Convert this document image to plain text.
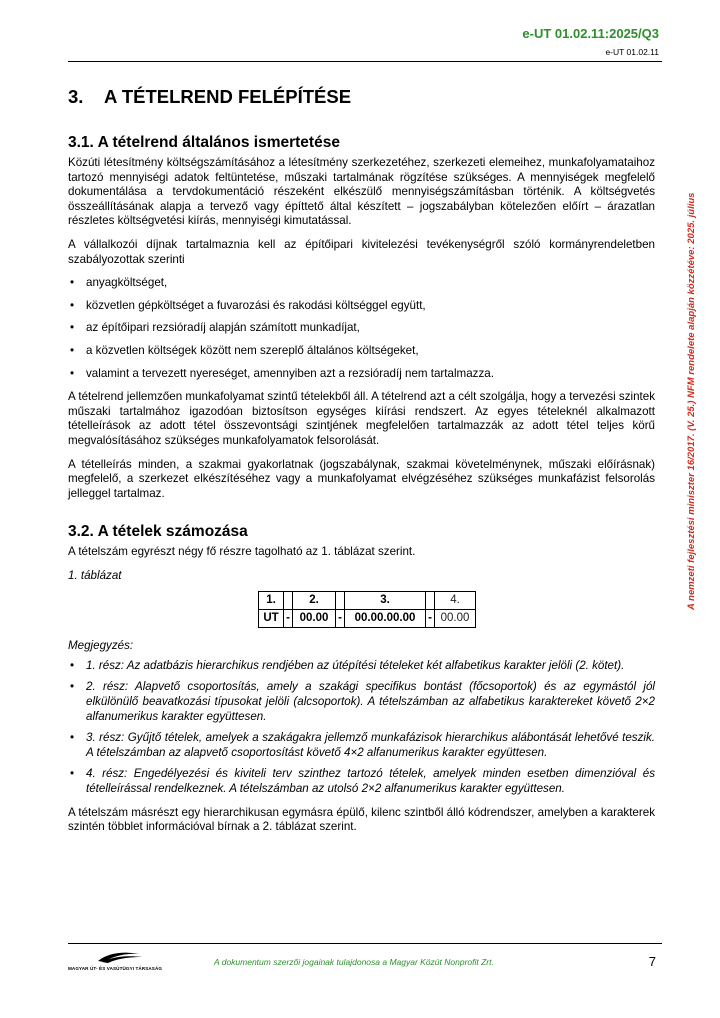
e-UT 01.02.11:2025/Q3
e-UT 01.02.11
A nemzeti fejlesztési miniszter 16/2017. (V. 25.) NFM rendelete alapján közzétéve: 2025. július
3.	A TÉTELREND FELÉPÍTÉSE
3.1. A tételrend általános ismertetése

Közúti létesítmény költségszámításához a létesítmény szerkezetéhez, szerkezeti elemeihez, munkafolyamataihoz tartozó mennyiségi adatok feltüntetése, műszaki tartalmának rögzítése szükséges. A mennyiségek megfelelő dokumentálása a tervdokumentáció részeként elkészülő mennyiségszámításban történik. A költségvetés összeállításának alapja a tervező vagy építtető által készített – jogszabályban kötelezően előírt – árazatlan részletes költségvetési kiírás, mennyiségi kimutatással.

A vállalkozói díjnak tartalmaznia kell az építőipari kivitelezési tevékenységről szóló kormányrendeletben szabályozottak szerinti

• anyagköltséget,
• közvetlen gépköltséget a fuvarozási és rakodási költséggel együtt,
• az építőipari rezsióradíj alapján számított munkadíjat,
• a közvetlen költségek között nem szereplő általános költségeket,
• valamint a tervezett nyereséget, amennyiben azt a rezsióradíj nem tartalmazza.

A tételrend jellemzően munkafolyamat szintű tételekből áll. A tételrend azt a célt szolgálja, hogy a tervezési szintek műszaki tartalmához igazodóan biztosítson egységes kiírási rendszert. Az egyes tételeknél alkalmazott tételleírások az adott tétel összevontsági szintjének megfelelően tartalmazzák az adott tétel teljes körű megvalósításához szükséges munkafolyamatok felsorolását.

A tételleírás minden, a szakmai gyakorlatnak (jogszabálynak, szakmai követelménynek, műszaki előírásnak) megfelelő, a szerkezet elkészítéséhez vagy a munkafolyamat elvégzéséhez szükséges munkafázist felsorolás jelleggel tartalmaz.

3.2. A tételek számozása

A tételszám egyrészt négy fő részre tagolható az 1. táblázat szerint.

1. táblázat
1.		2.		3.		4.
UT	-	00.00	-	00.00.00.00	-	00.00
Megjegyzés:
• 1. rész: Az adatbázis hierarchikus rendjében az útépítési tételeket két alfabetikus karakter jelöli (2. kötet).
• 2. rész: Alapvető csoportosítás, amely a szakági specifikus bontást (főcsoportok) és az egymástól jól elkülönülő beavatkozási típusokat jelöli (alcsoportok). A tételszámban az alfabetikus karaktereket követő 2×2 alfanumerikus karakter együttesen.
• 3. rész: Gyűjtő tételek, amelyek a szakágakra jellemző munkafázisok hierarchikus alábontását lehetővé teszik. A tételszámban az alapvető csoportosítást követő 4×2 alfanumerikus karakter együttesen.
• 4. rész: Engedélyezési és kiviteli terv szinthez tartozó tételek, amelyek minden esetben dimenzióval és tételleírással rendelkeznek. A tételszámban az utolsó 2×2 alfanumerikus karakter együttesen.

A tételszám másrészt egy hierarchikusan egymásra épülő, kilenc szintből álló kódrendszer, amelyben a karakterek szintén többlet információval bírnak a 2. táblázat szerint.

MAGYAR ÚT- ÉS VASÚTÜGYI TÁRSASÁG
A dokumentum szerzői jogainak tulajdonosa a Magyar Közút Nonprofit Zrt.	7
